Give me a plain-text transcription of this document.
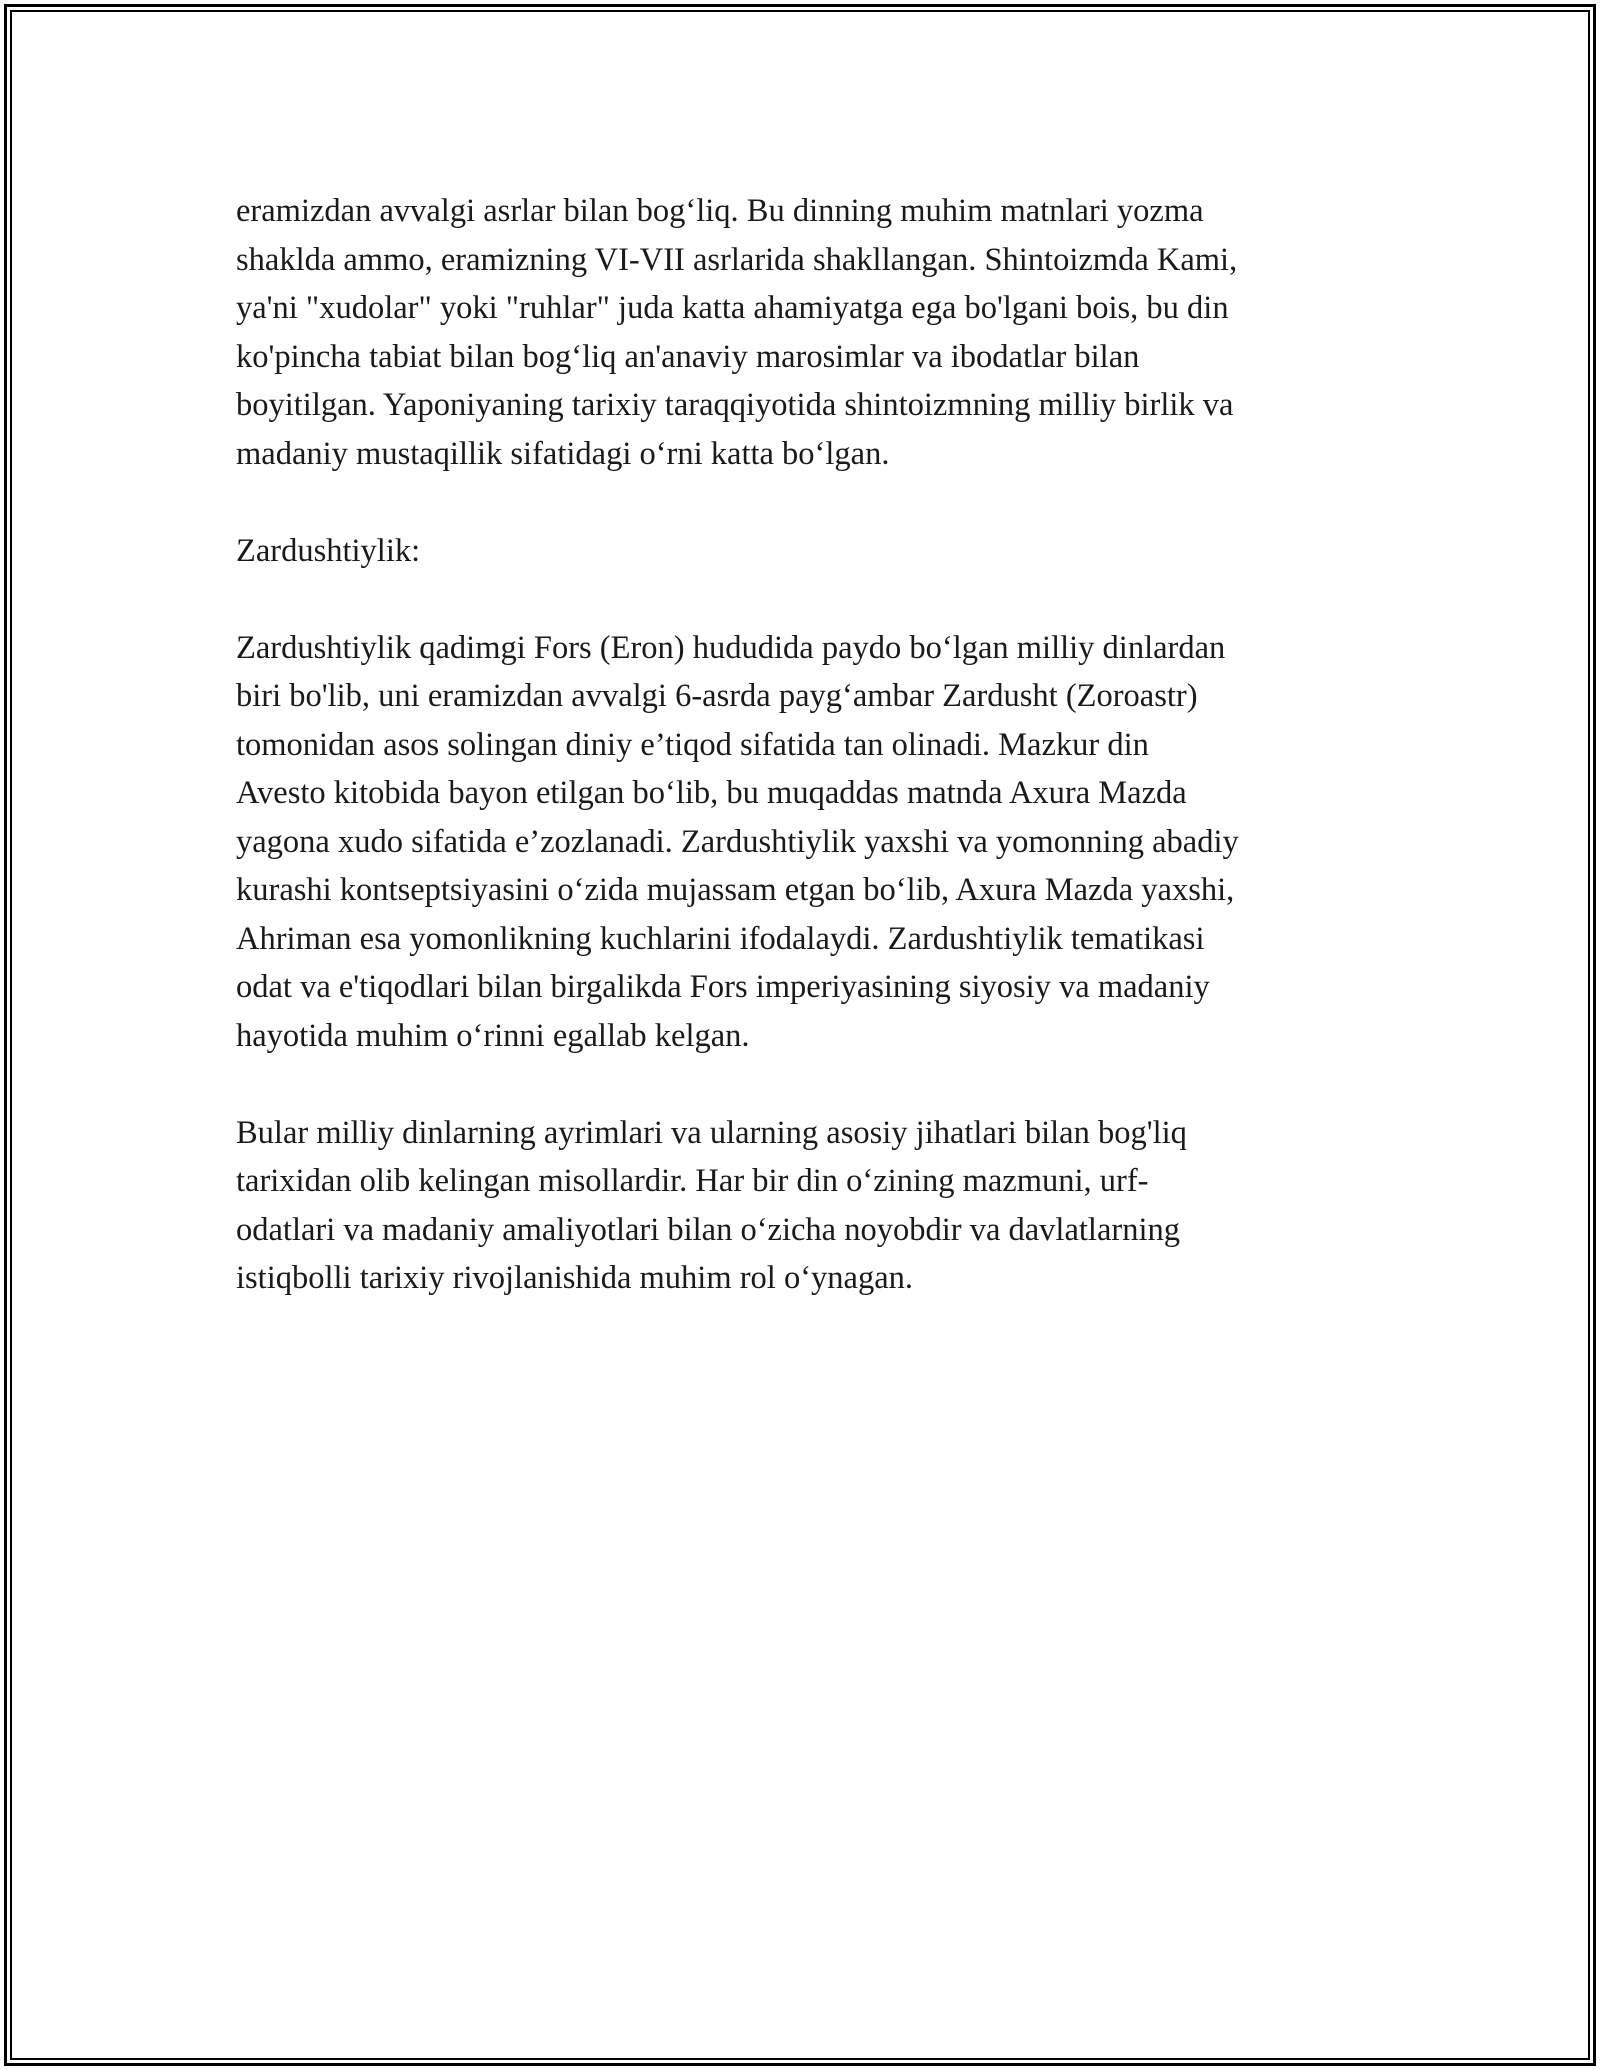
eramizdan avvalgi asrlar bilan bog‘liq. Bu dinning muhim matnlari yozma
shakldа ammo, eramizning VI-VII asrlarida shakllangan. Shintoizmda Kami,
ya'ni "xudolar" yoki "ruhlar" juda katta ahamiyatga ega bo'lgani bois, bu din
ko'pincha tabiat bilan bog‘liq an'anaviy marosimlar va ibodatlar bilan
boyitilgan. Yaponiyaning tarixiy taraqqiyotida shintoizmning milliy birlik va
madaniy mustaqillik sifatidagi o‘rni katta bo‘lgan.

Zardushtiylik:

Zardushtiylik qadimgi Fors (Eron) hududida paydo bo‘lgan milliy dinlardan
biri bo'lib, uni eramizdan avvalgi 6-asrda payg‘ambar Zardusht (Zoroastr)
tomonidan asos solingan diniy e’tiqod sifatida tan olinadi. Mazkur din
Avesto kitobida bayon etilgan bo‘lib, bu muqaddas matnda Axura Mazda
yagona xudo sifatida e’zozlanadi. Zardushtiylik yaxshi va yomonning abadiy
kurashi kontseptsiyasini o‘zida mujassam etgan bo‘lib, Axura Mazda yaxshi,
Ahriman esa yomonlikning kuchlarini ifodalaydi. Zardushtiylik tematikasi
odat va e'tiqodlari bilan birgalikda Fors imperiyasining siyosiy va madaniy
hayotida muhim o‘rinni egallab kelgan.

Bular milliy dinlarning ayrimlari va ularning asosiy jihatlari bilan bog'liq
tarixidan olib kelingan misollardir. Har bir din o‘zining mazmuni, urf-
odatlari va madaniy amaliyotlari bilan o‘zicha noyobdir va davlatlarning
istiqbolli tarixiy rivojlanishida muhim rol o‘ynagan.
